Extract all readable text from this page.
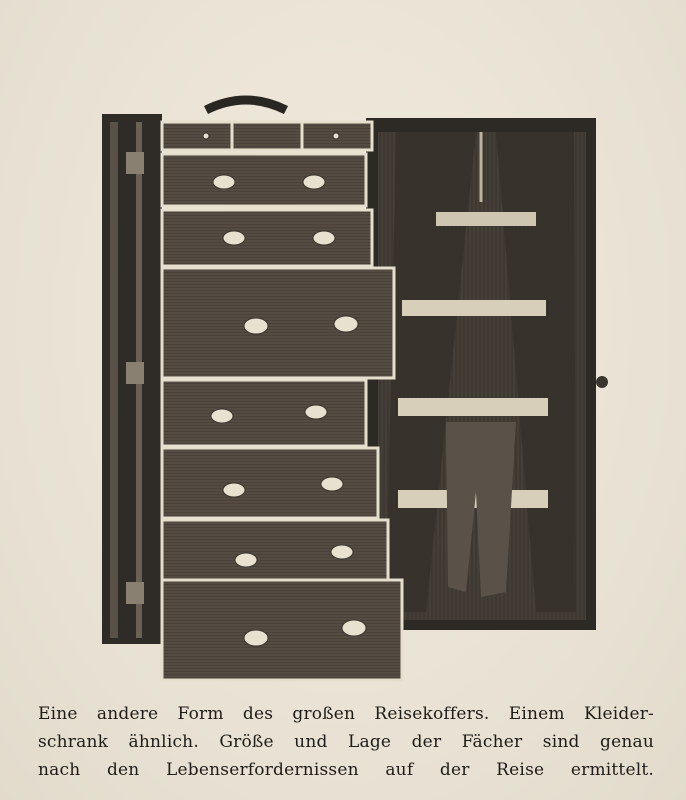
Eine andere Form des großen Reisekoffers. Einem Kleider-
schrank ähnlich. Größe und Lage der Fächer sind genau
nach den Lebenserfordernissen auf der Reise ermittelt.
